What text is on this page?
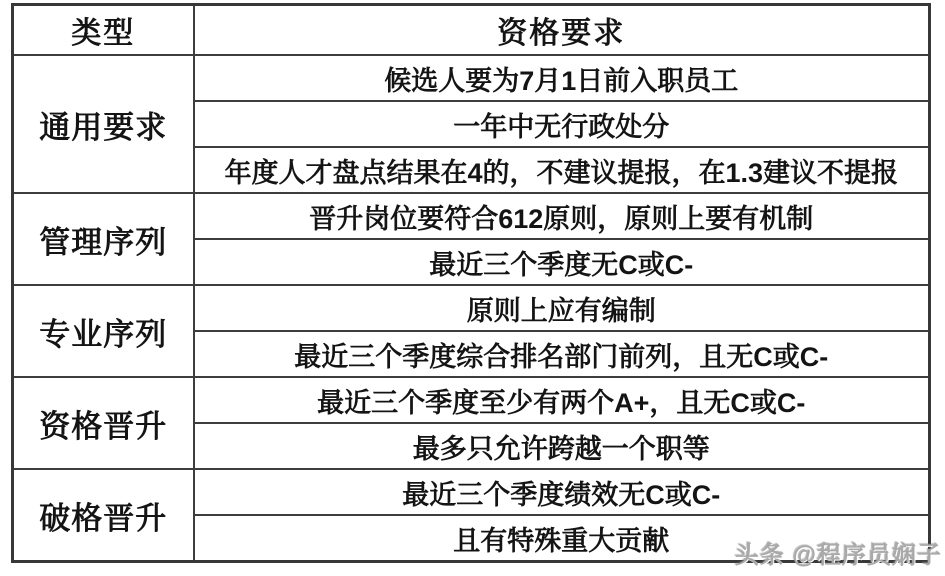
类型	资格要求
通用要求	候选人要为7月1日前入职员工
	一年中无行政处分
	年度人才盘点结果在4的，不建议提报，在1.3建议不提报
管理序列	晋升岗位要符合612原则，原则上要有机制
	最近三个季度无C或C-
专业序列	原则上应有编制
	最近三个季度综合排名部门前列，且无C或C-
资格晋升	最近三个季度至少有两个A+，且无C或C-
	最多只允许跨越一个职等
破格晋升	最近三个季度绩效无C或C-
	且有特殊重大贡献	头条 @程序员娴子
